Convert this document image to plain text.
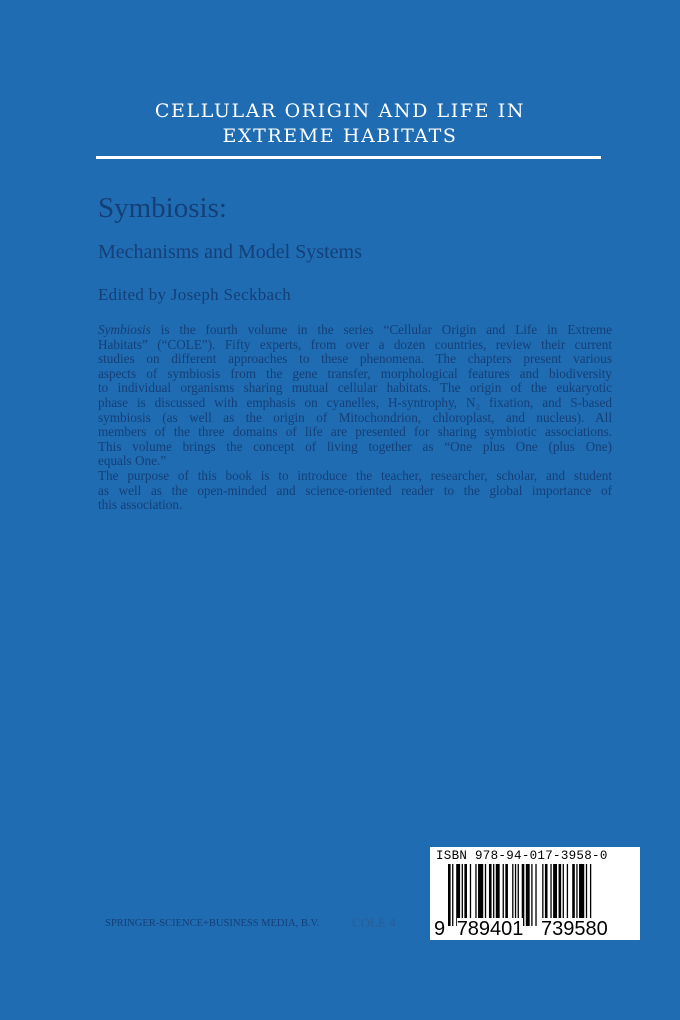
CELLULAR ORIGIN AND LIFE IN
EXTREME HABITATS
Symbiosis:
Mechanisms and Model Systems
Edited by Joseph Seckbach
Symbiosis is the fourth volume in the series “Cellular Origin and Life in Extreme
Habitats” (“COLE”). Fifty experts, from over a dozen countries, review their current
studies on different approaches to these phenomena. The chapters present various
aspects of symbiosis from the gene transfer, morphological features and biodiversity
to individual organisms sharing mutual cellular habitats. The origin of the eukaryotic
phase is discussed with emphasis on cyanelles, H-syntrophy, N₂ fixation, and S-based
symbiosis (as well as the origin of Mitochondrion, chloroplast, and nucleus). All
members of the three domains of life are presented for sharing symbiotic associations.
This volume brings the concept of living together as “One plus One (plus One)
equals One.”
The purpose of this book is to introduce the teacher, researcher, scholar, and student
as well as the open-minded and science-oriented reader to the global importance of
this association.
SPRINGER-SCIENCE+BUSINESS MEDIA, B.V.	COLE 4
ISBN 978-94-017-3958-0
9 789401 739580
